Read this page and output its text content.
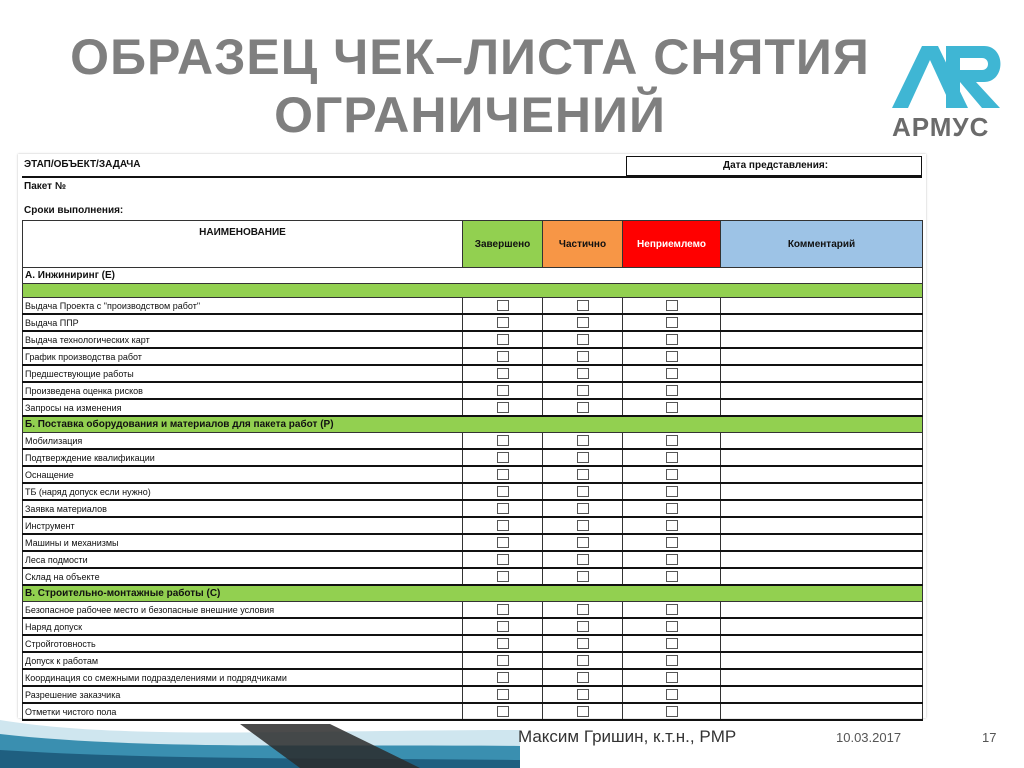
ОБРАЗЕЦ ЧЕК–ЛИСТА СНЯТИЯ
ОГРАНИЧЕНИЙ	АРМУС
ЭТАП/ОБЪЕКТ/ЗАДАЧА	Дата представления:
Пакет №
Сроки выполнения:
НАИМЕНОВАНИЕ	Завершено	Частично	Неприемлемо	Комментарий
А. Инжиниринг (Е)				

Выдача Проекта с "производством работ"				
Выдача ППР				
Выдача технологических карт				
График производства работ				
Предшествующие работы				
Произведена оценка рисков				
Запросы на изменения				
Б. Поставка оборудования и материалов для пакета работ (Р)				
Мобилизация				
Подтверждение квалификации				
Оснащение				
ТБ (наряд допуск если нужно)				
Заявка материалов				
Инструмент				
Машины и механизмы				
Леса подмости				
Склад на объекте				
В. Строительно-монтажные работы (С)				
Безопасное рабочее место и безопасные внешние условия				
Наряд допуск				
Стройготовность				
Допуск к работам				
Координация со смежными подразделениями и подрядчиками				
Разрешение заказчика				
Отметки чистого пола				
Максим Гришин, к.т.н., PMP	10.03.2017	17
